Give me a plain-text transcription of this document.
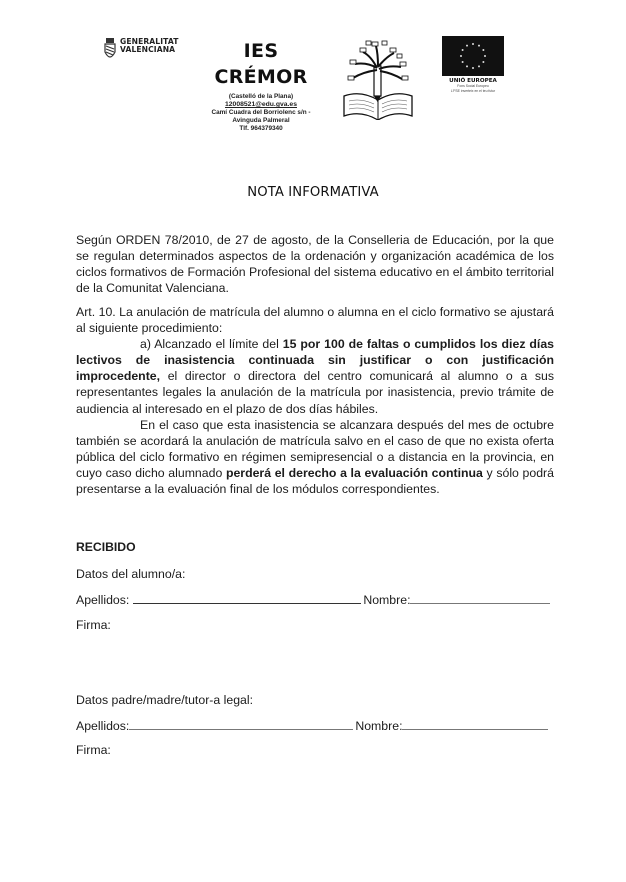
GENERALITAT
VALENCIANA	IES
CRÉMOR
(Castelló de la Plana)
12008521@edu.gva.es
Camí Cuadra del Borriolenc s/n -
Avinguda Palmeral
Tlf. 964379340
UNIÓ EUROPEA
Fons Social Europeu
L'FSE inverteix en el teu futur
NOTA INFORMATIVA
Según ORDEN 78/2010, de 27 de agosto, de la Conselleria de Educación, por la que se regulan determinados aspectos de la ordenación y organización académica de los ciclos formativos de Formación Profesional del sistema educativo en el ámbito territorial de la Comunitat Valenciana.
Art. 10. La anulación de matrícula del alumno o alumna en el ciclo formativo se ajustará al siguiente procedimiento:
a) Alcanzado el límite del 15 por 100 de faltas o cumplidos los diez días lectivos de inasistencia continuada sin justificar o con justificación improcedente, el director o directora del centro comunicará al alumno o a sus representantes legales la anulación de la matrícula por inasistencia, previo trámite de audiencia al interesado en el plazo de dos días hábiles.
En el caso que esta inasistencia se alcanzara después del mes de octubre también se acordará la anulación de matrícula salvo en el caso de que no exista oferta pública del ciclo formativo en régimen semipresencial o a distancia en la provincia, en cuyo caso dicho alumnado perderá el derecho a la evaluación continua y sólo podrá presentarse a la evaluación final de los módulos correspondientes.
RECIBIDO
Datos del alumno/a:
Apellidos:	Nombre:
Firma:
Datos padre/madre/tutor-a legal:
Apellidos:	Nombre:
Firma:
